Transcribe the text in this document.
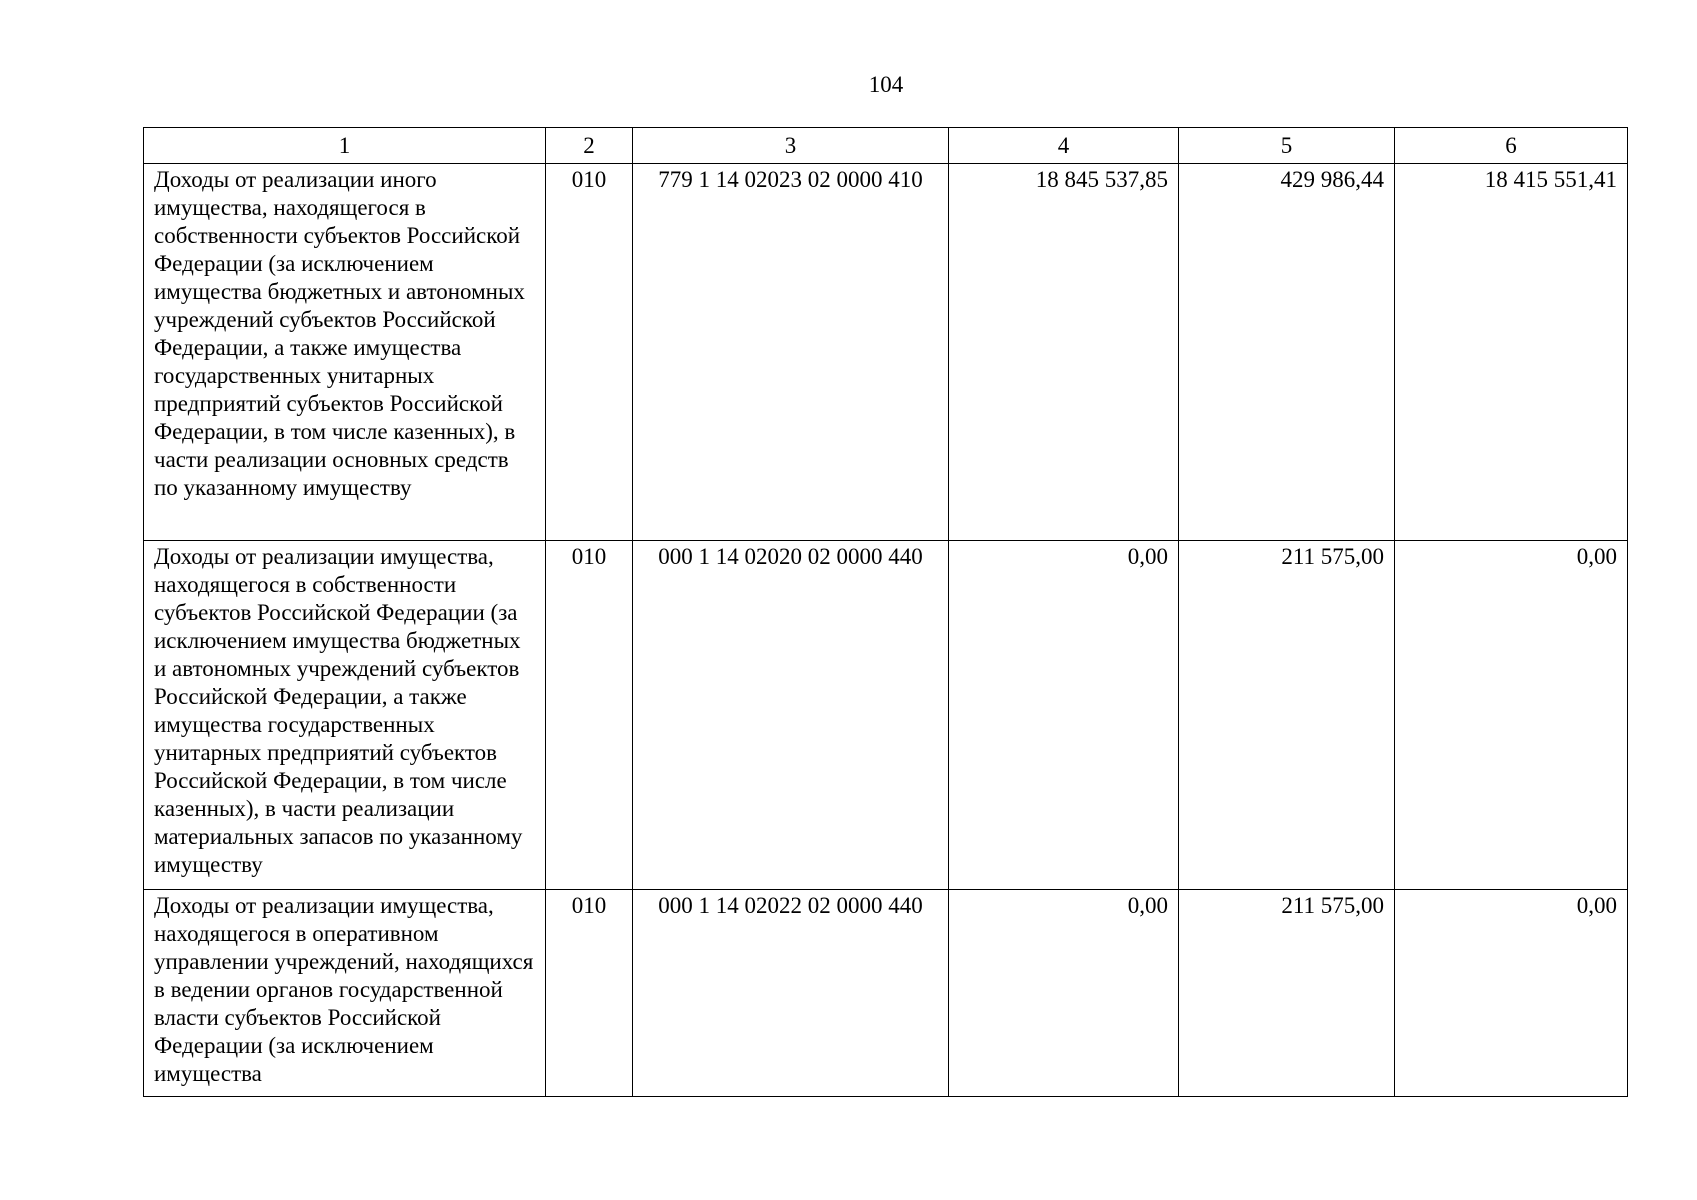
104
1	2	3	4	5	6
Доходы от реализации иного имущества, находящегося в собственности субъектов Российской Федерации (за исключением имущества бюджетных и автономных учреждений субъектов Российской Федерации, а также имущества государственных унитарных предприятий субъектов Российской Федерации, в том числе казенных), в части реализации основных средств по указанному имуществу	010	779 1 14 02023 02 0000 410	18 845 537,85	429 986,44	18 415 551,41
Доходы от реализации имущества, находящегося в собственности субъектов Российской Федерации (за исключением имущества бюджетных и автономных учреждений субъектов Российской Федерации, а также имущества государственных унитарных предприятий субъектов Российской Федерации, в том числе казенных), в части реализации материальных запасов по указанному имуществу	010	000 1 14 02020 02 0000 440	0,00	211 575,00	0,00
Доходы от реализации имущества, находящегося в оперативном управлении учреждений, находящихся в ведении органов государственной власти субъектов Российской Федерации (за исключением имущества	010	000 1 14 02022 02 0000 440	0,00	211 575,00	0,00
